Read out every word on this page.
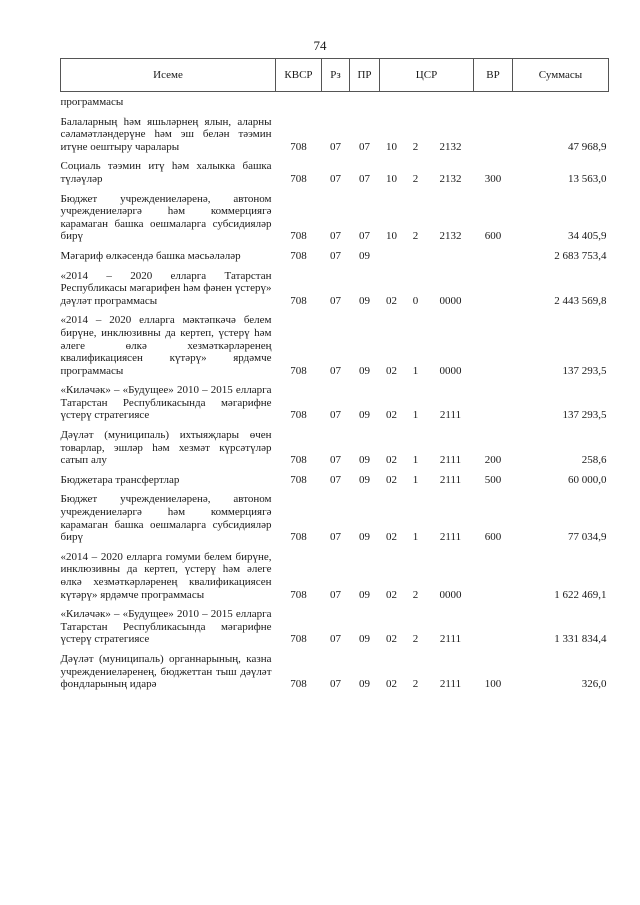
74
Исеме	КВСР	Рз	ПР	ЦСР			ВР	Суммасы
программасы								
Балаларның һәм яшьләрнең ялын, аларны сәламәтләндерүне һәм эш белән тәэмин итүне оештыру чаралары	708	07	07	10	2	2132		47 968,9
Социаль тәэмин итү һәм халыкка башка түләүләр	708	07	07	10	2	2132	300	13 563,0
Бюджет учреждениеләренә, автоном учреждениеләргә һәм коммерциягә карамаган башка оешмаларга субсидияләр бирү	708	07	07	10	2	2132	600	34 405,9
Мәгариф өлкәсендә башка мәсьәләләр	708	07	09					2 683 753,4
«2014 – 2020 елларга Татарстан Республикасы мәгарифен һәм фәнен үстерү» дәүләт программасы	708	07	09	02	0	0000		2 443 569,8
«2014 – 2020 елларга мәктәпкәчә белем бирүне, инклюзивны да кертеп, үстерү һәм әлеге өлкә хезмәткәрләренең квалификациясен күтәрү» ярдәмче программасы	708	07	09	02	1	0000		137 293,5
«Киләчәк» – «Будущее» 2010 – 2015 елларга Татарстан Республикасында мәгарифне үстерү стратегиясе	708	07	09	02	1	2111		137 293,5
Дәүләт (муниципаль) ихтыяҗлары өчен товарлар, эшләр һәм хезмәт күрсәтүләр сатып алу	708	07	09	02	1	2111	200	258,6
Бюджетара трансфертлар	708	07	09	02	1	2111	500	60 000,0
Бюджет учреждениеләренә, автоном учреждениеләргә һәм коммерциягә карамаган башка оешмаларга субсидияләр бирү	708	07	09	02	1	2111	600	77 034,9
«2014 – 2020 елларга гомуми белем бирүне, инклюзивны да кертеп, үстерү һәм әлеге өлкә хезмәткәрләренең квалификациясен күтәрү» ярдәмче программасы	708	07	09	02	2	0000		1 622 469,1
«Киләчәк» – «Будущее» 2010 – 2015 елларга Татарстан Республикасында мәгарифне үстерү стратегиясе	708	07	09	02	2	2111		1 331 834,4
Дәүләт (муниципаль) органнарының, казна учреждениеләренең, бюджеттан тыш дәүләт фондларының идарә	708	07	09	02	2	2111	100	326,0
